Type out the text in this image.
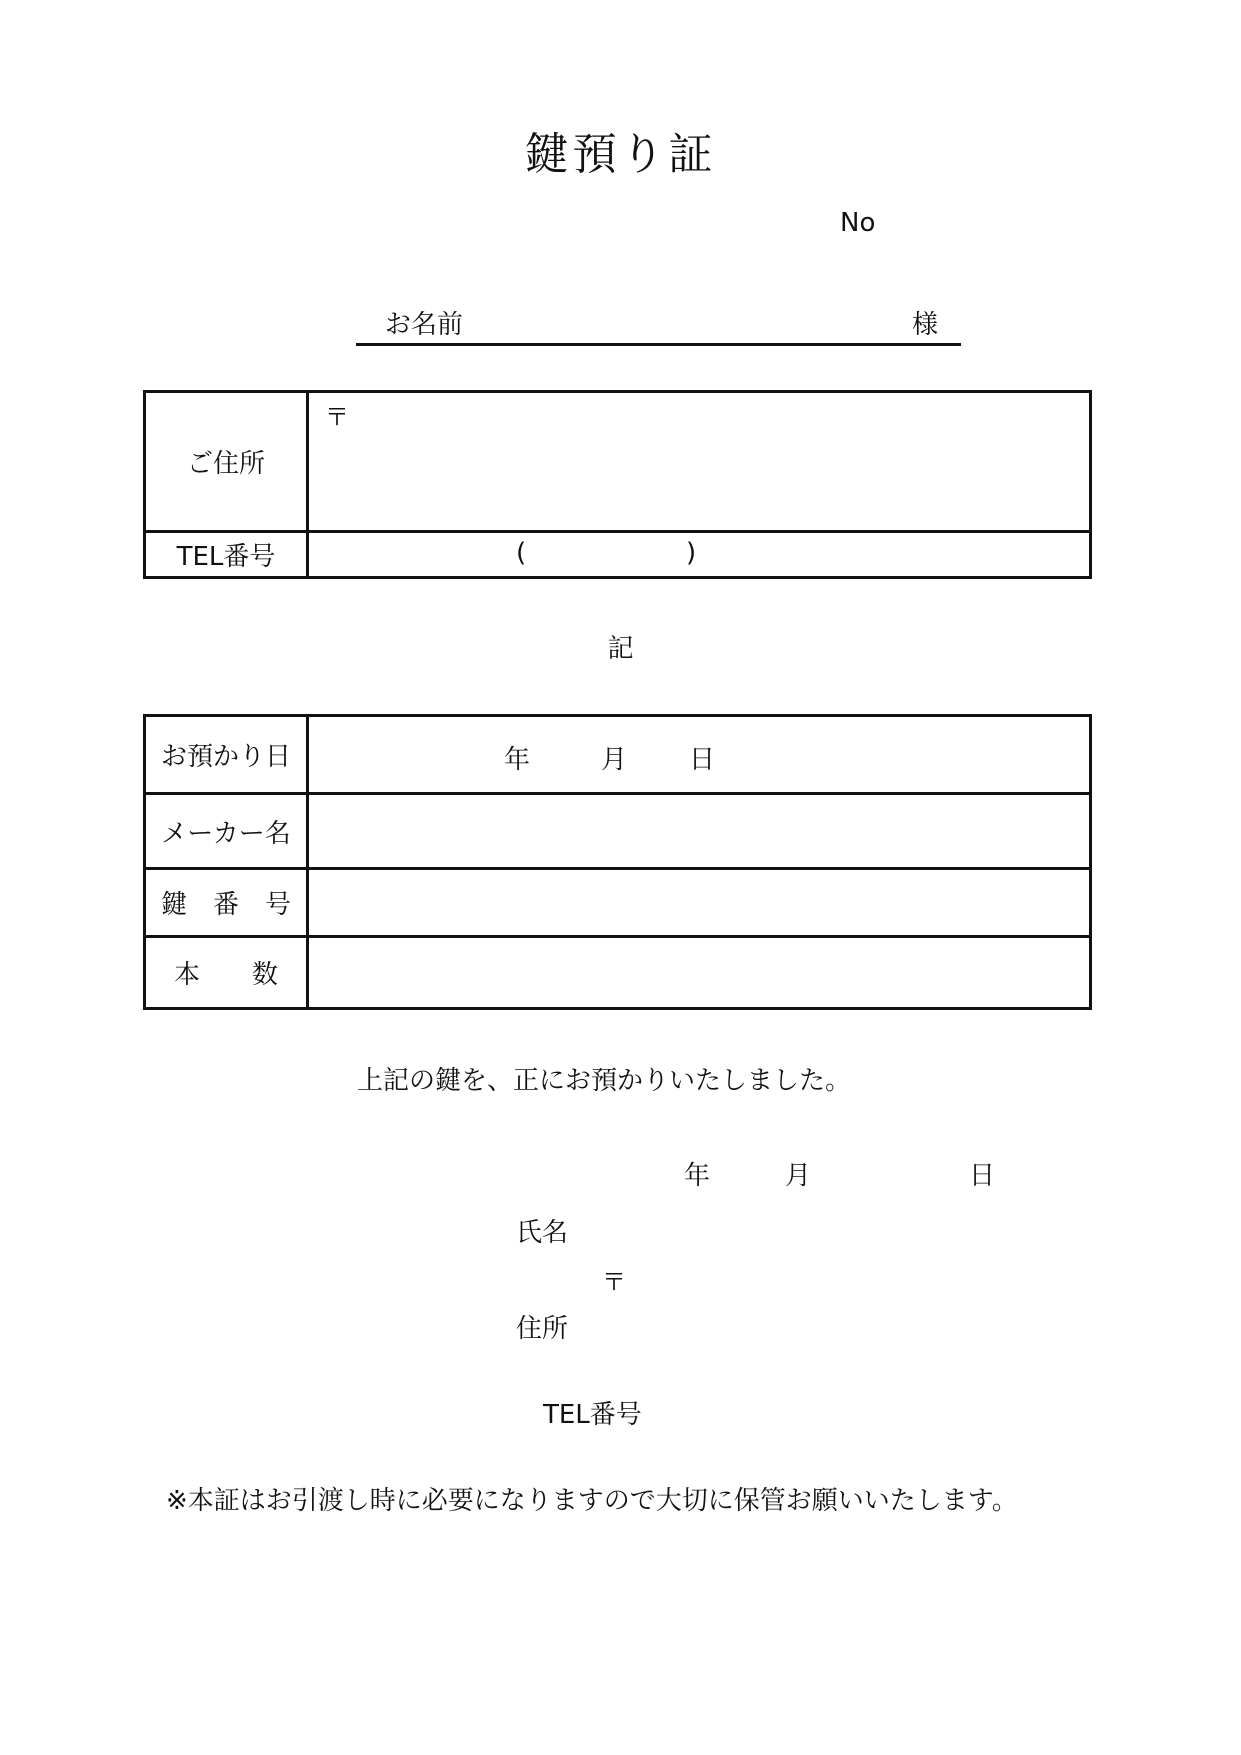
鍵預り証
No
お名前	様
ご住所	〒

TEL番号	( )
記
お預かり日	年 月 日

メーカー名	
鍵　番　号	
本　　数	
上記の鍵を、正にお預かりいたしました。
年	月	日
氏名
〒
住所
TEL番号
※本証はお引渡し時に必要になりますので大切に保管お願いいたします。
